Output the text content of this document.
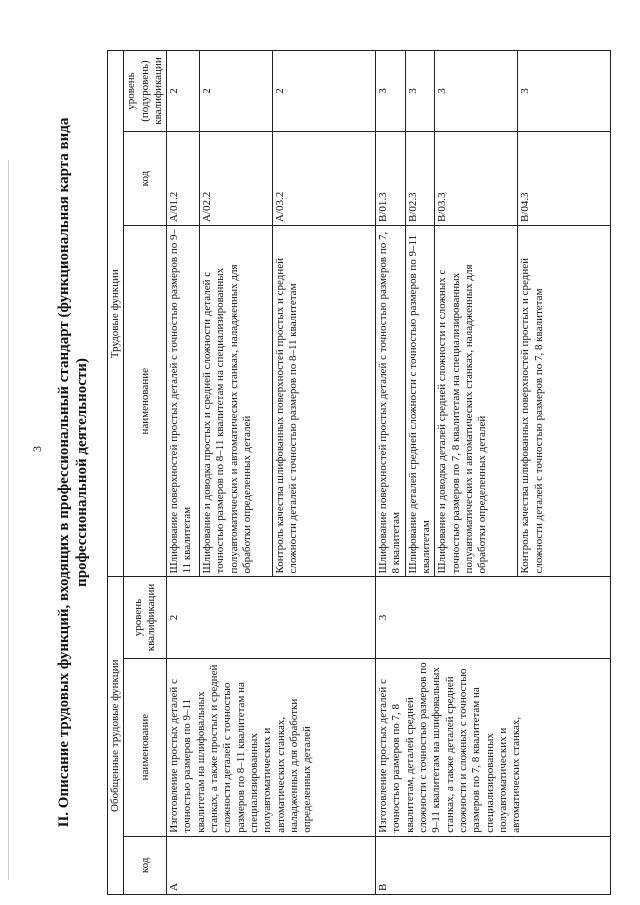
3 II. Описание трудовых функций, входящих в профессиональный стандарт (функциональная карта вида профессиональной деятельности)
Обобщенные трудовые функции			Трудовые функции		
код	наименование	уровень квалификации	наименование	код	уровень (подуровень) квалификации
A	Изготовление простых деталей с точностью размеров по 9–11 квалитетам на шлифовальных станках, а также простых и средней сложности деталей с точностью размеров по 8–11 квалитетам на специализированных полуавтоматических и автоматических станках, наладженных для обработки определенных деталей	2	Шлифование поверхностей простых деталей с точностью размеров по 9–11 квалитетам	A/01.2	2
			Шлифование и доводка простых и средней сложности деталей с точностью размеров по 8–11 квалитетам на специализированных полуавтоматических и автоматических станках, наладженных для обработки определенных деталей	A/02.2	2
			Контроль качества шлифованных поверхностей простых и средней сложности деталей с точностью размеров по 8–11 квалитетам	A/03.2	2
B	Изготовление простых деталей с точностью размеров по 7, 8 квалитетам, деталей средней сложности с точностью размеров по 9–11 квалитетам на шлифовальных станках, а также деталей средней сложности и сложных с точностью размеров по 7, 8 квалитетам на специализированных полуавтоматических и автоматических станках,	3	Шлифование поверхностей простых деталей с точностью размеров по 7, 8 квалитетам	B/01.3	3
			Шлифование деталей средней сложности с точностью размеров по 9–11 квалитетам	B/02.3	3
			Шлифование и доводка деталей средней сложности и сложных с точностью размеров по 7, 8 квалитетам на специализированных полуавтоматических и автоматических станках, наладженных для обработки определенных деталей	B/03.3	3
			Контроль качества шлифованных поверхностей простых и средней сложности деталей с точностью размеров по 7, 8 квалитетам	B/04.3	3
